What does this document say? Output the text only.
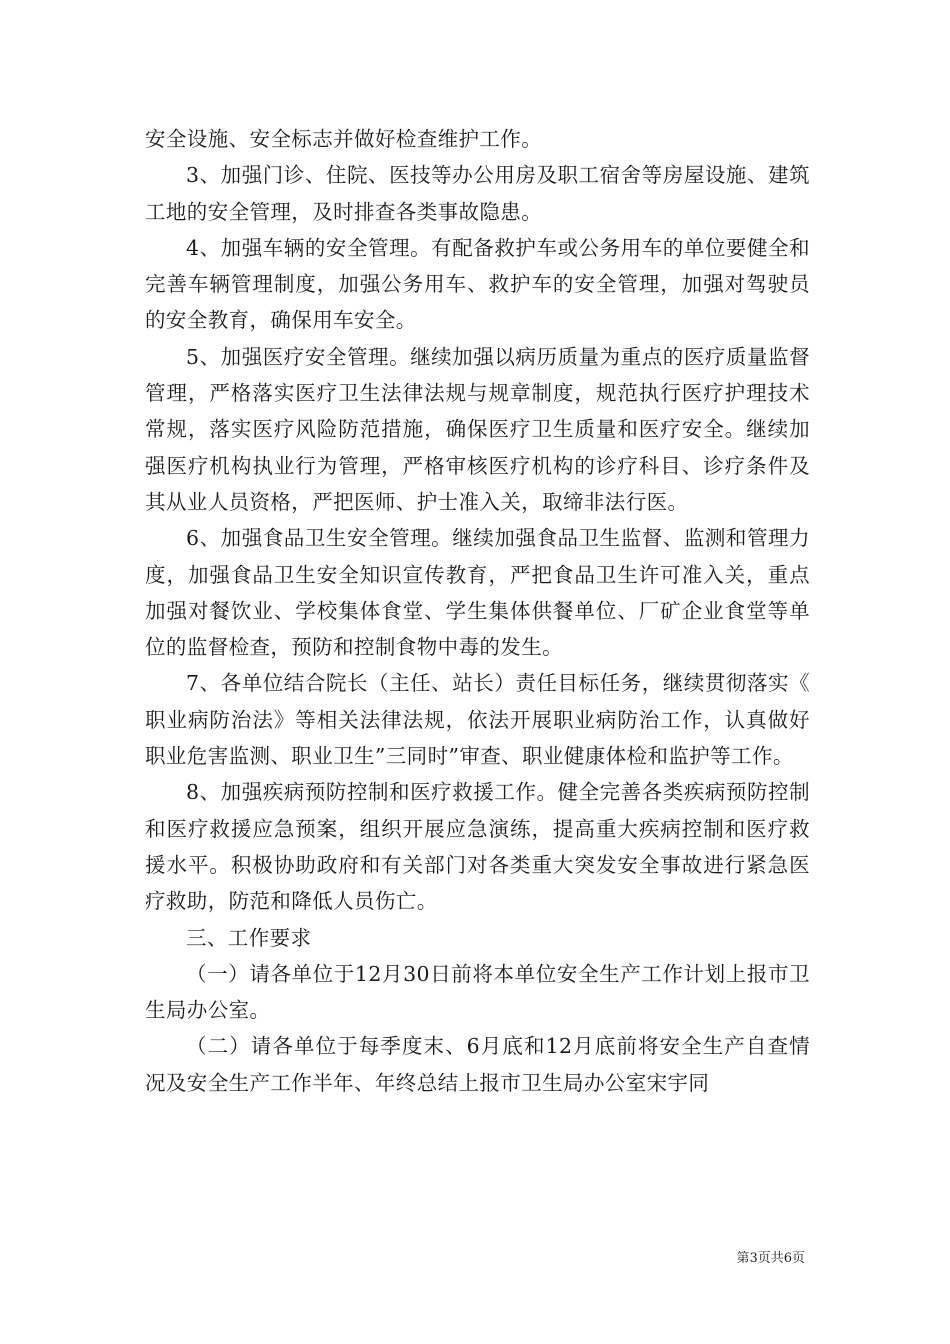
安全设施、安全标志并做好检查维护工作。

3、加强门诊、住院、医技等办公用房及职工宿舍等房屋设施、建筑工地的安全管理，及时排查各类事故隐患。

4、加强车辆的安全管理。有配备救护车或公务用车的单位要健全和完善车辆管理制度，加强公务用车、救护车的安全管理，加强对驾驶员的安全教育，确保用车安全。

5、加强医疗安全管理。继续加强以病历质量为重点的医疗质量监督管理，严格落实医疗卫生法律法规与规章制度，规范执行医疗护理技术常规，落实医疗风险防范措施，确保医疗卫生质量和医疗安全。继续加强医疗机构执业行为管理，严格审核医疗机构的诊疗科目、诊疗条件及其从业人员资格，严把医师、护士准入关，取缔非法行医。

6、加强食品卫生安全管理。继续加强食品卫生监督、监测和管理力度，加强食品卫生安全知识宣传教育，严把食品卫生许可准入关，重点加强对餐饮业、学校集体食堂、学生集体供餐单位、厂矿企业食堂等单位的监督检查，预防和控制食物中毒的发生。

7、各单位结合院长（主任、站长）责任目标任务，继续贯彻落实《职业病防治法》等相关法律法规，依法开展职业病防治工作，认真做好职业危害监测、职业卫生”三同时”审查、职业健康体检和监护等工作。

8、加强疾病预防控制和医疗救援工作。健全完善各类疾病预防控制和医疗救援应急预案，组织开展应急演练，提高重大疾病控制和医疗救援水平。积极协助政府和有关部门对各类重大突发安全事故进行紧急医疗救助，防范和降低人员伤亡。

三、工作要求

（一）请各单位于12月30日前将本单位安全生产工作计划上报市卫生局办公室。

（二）请各单位于每季度末、6月底和12月底前将安全生产自查情况及安全生产工作半年、年终总结上报市卫生局办公室宋宇同

第3页共6页
